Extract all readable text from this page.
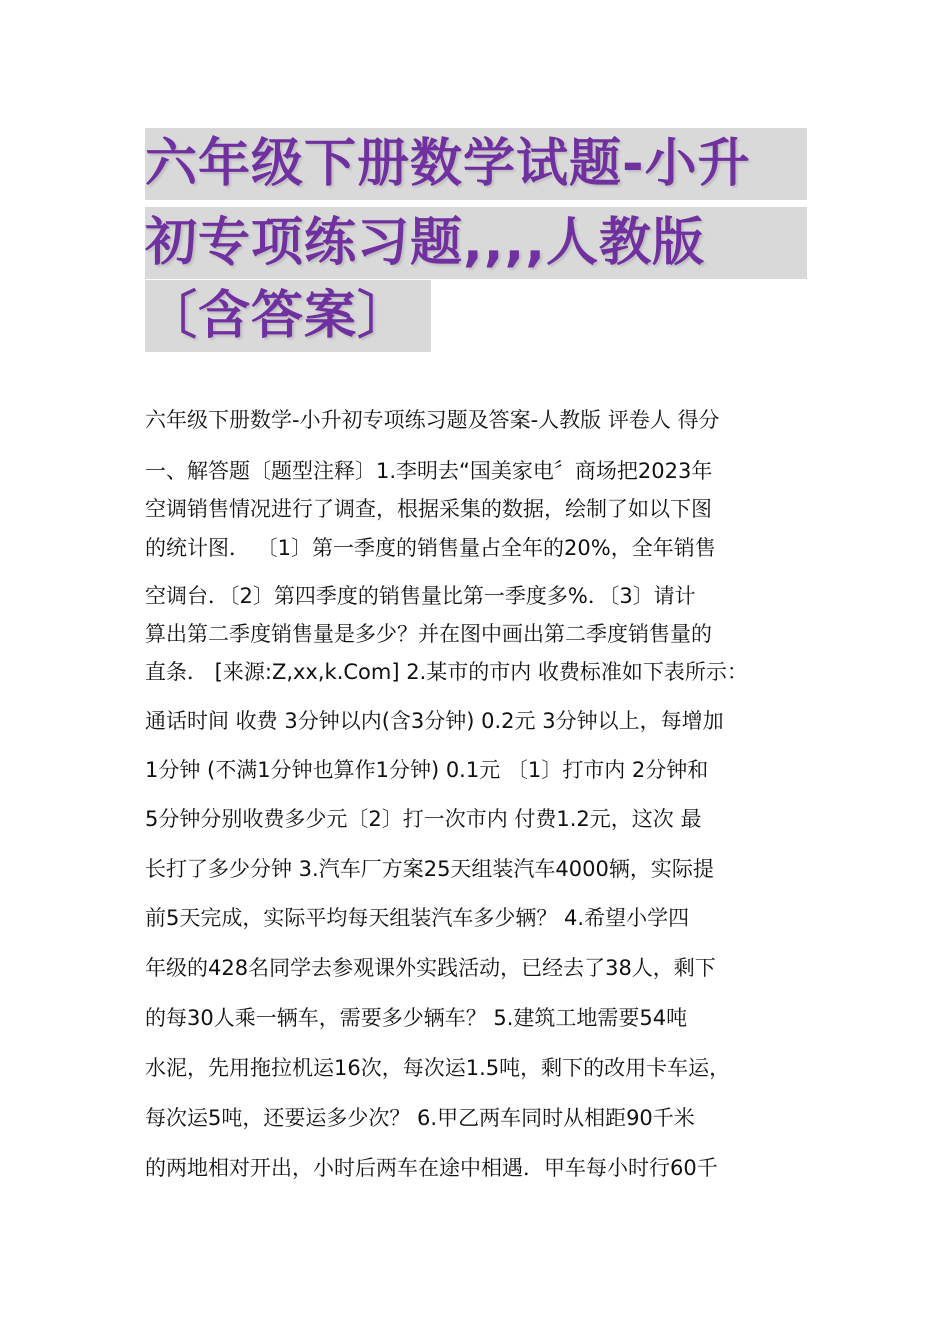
六年级下册数学试题-小升
初专项练习题,,,,人教版
〔含答案〕
六年级下册数学-小升初专项练习题及答案-人教版 评卷人 得分
一、解答题〔题型注释〕1.李明去“国美家电〞商场把2023年
空调销售情况进行了调查，根据采集的数据，绘制了如以下图
的统计图． 〔1〕第一季度的销售量占全年的20%，全年销售
空调台．〔2〕第四季度的销售量比第一季度多%．〔3〕请计
算出第二季度销售量是多少？并在图中画出第二季度销售量的
直条． [来源:Z,xx,k.Com] 2.某市的市内 收费标准如下表所示：
通话时间 收费 3分钟以内(含3分钟) 0.2元 3分钟以上，每增加
1分钟 (不满1分钟也算作1分钟) 0.1元 〔1〕打市内 2分钟和
5分钟分别收费多少元〔2〕打一次市内 付费1.2元，这次 最
长打了多少分钟 3.汽车厂方案25天组装汽车4000辆，实际提
前5天完成，实际平均每天组装汽车多少辆？ 4.希望小学四
年级的428名同学去参观课外实践活动，已经去了38人，剩下
的每30人乘一辆车，需要多少辆车？ 5.建筑工地需要54吨
水泥，先用拖拉机运16次，每次运1.5吨，剩下的改用卡车运，
每次运5吨，还要运多少次？ 6.甲乙两车同时从相距90千米
的两地相对开出，小时后两车在途中相遇．甲车每小时行60千
